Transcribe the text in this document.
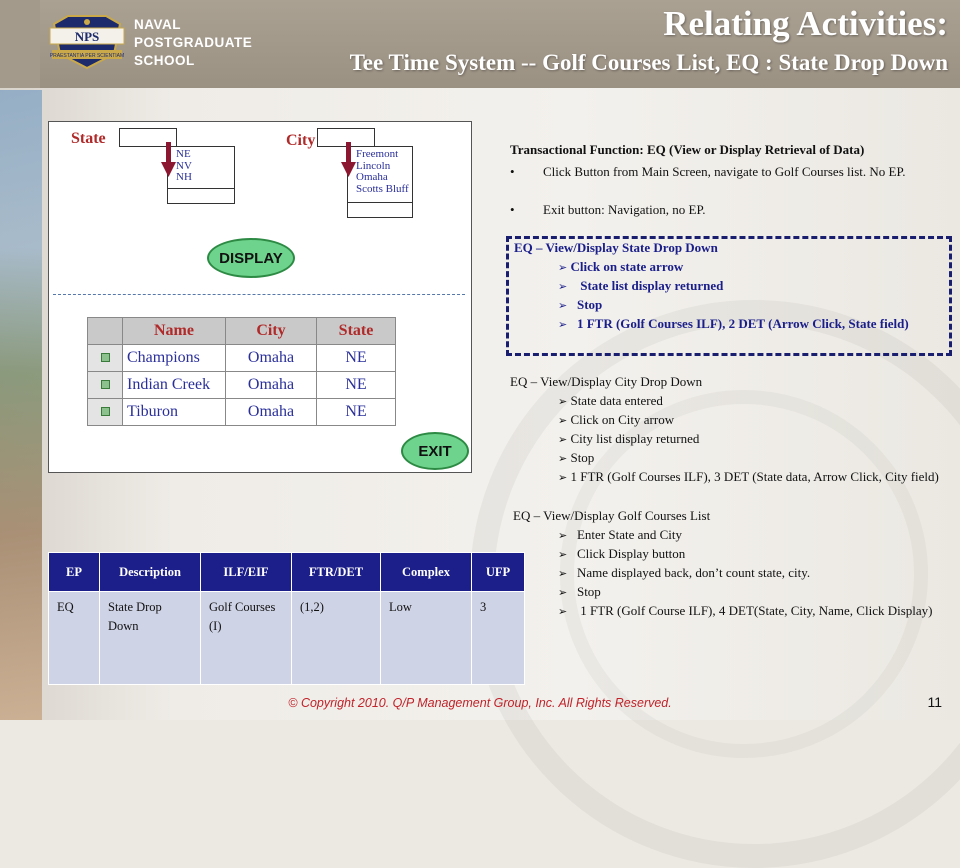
NPS
PRAESTANTIA PER SCIENTIAM
NAVAL
POSTGRADUATE
SCHOOL
Relating Activities:
Tee Time System -- Golf Courses List, EQ : State Drop Down
State
NE
NV
NH
City
Freemont
Lincoln
Omaha
Scotts Bluff
DISPLAY
	Name	City	State
	Champions	Omaha	NE
	Indian Creek	Omaha	NE
	Tiburon	Omaha	NE
EXIT
Transactional Function: EQ (View or Display Retrieval of Data)
• Click Button from Main Screen, navigate to Golf Courses list. No EP.
• Exit button: Navigation, no EP.
EQ – View/Display State Drop Down
➢ Click on state arrow
➢ State list display returned
➢ Stop
➢ 1 FTR (Golf Courses ILF), 2 DET (Arrow Click, State field)
EQ – View/Display City Drop Down
➢ State data entered
➢ Click on City arrow
➢ City list display returned
➢ Stop
➢ 1 FTR (Golf Courses ILF), 3 DET (State data, Arrow Click, City field)
EQ – View/Display Golf Courses List
➢ Enter State and City
➢ Click Display button
➢ Name displayed back, don’t count state, city.
➢ Stop
➢ 1 FTR (Golf Course ILF), 4 DET(State, City, Name, Click Display)
EP	Description	ILF/EIF	FTR/DET	Complex	UFP
EQ	State Drop Down	Golf Courses (I)	(1,2)	Low	3
© Copyright 2010. Q/P Management Group, Inc. All Rights Reserved.	11
